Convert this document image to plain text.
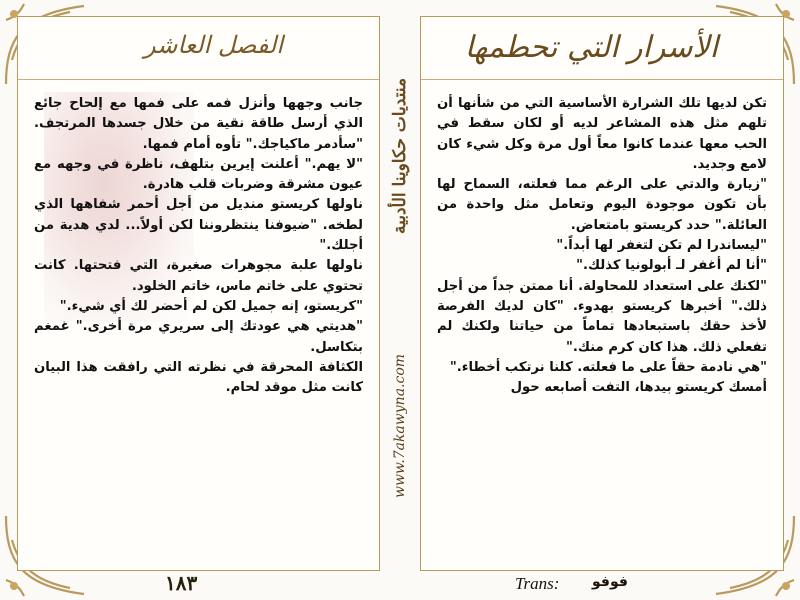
الفصل العاشر

جانب وجهها وأنزل فمه على فمها مع إلحاح جائع الذي أرسل طاقة نقية من خلال جسدها المرتجف. "سأدمر ماكياجك." تأوه أمام فمها.

"لا يهم." أعلنت إيرين بتلهف، ناظرة في وجهه مع عيون مشرقة وضربات قلب هادرة.

ناولها كريستو منديل من أجل أحمر شفاهها الذي لطخه. "ضيوفنا ينتظروننا لكن أولاً... لدي هدية من أجلك."

ناولها علبة مجوهرات صغيرة، التي فتحتها. كانت تحتوي على خاتم ماس، خاتم الخلود.

"كريستو، إنه جميل لكن لم أحضر لك أي شيء."

"هديتي هي عودتك إلى سريري مرة أخرى." غمغم بتكاسل.

الكثافة المحرقة في نظرته التي رافقت هذا البيان كانت مثل موقد لحام.

منتديات حكاوينا الأدبية
www.7akawyna.com
الأسرار التي تحطمها

تكن لديها تلك الشرارة الأساسية التي من شأنها أن تلهم مثل هذه المشاعر لديه أو لكان سقط في الحب معها عندما كانوا معاً أول مرة وكل شيء كان لامع وجديد.

"زيارة والدتي على الرغم مما فعلته، السماح لها بأن تكون موجودة اليوم وتعامل مثل واحدة من العائلة." حدد كريستو بامتعاض.

"ليساندرا لم تكن لتغفر لها أبداً."

"أنا لم أغفر لـ أبولونيا كذلك."

"لكنك على استعداد للمحاولة. أنا ممتن جداً من أجل ذلك." أخبرها كريستو بهدوء. "كان لديك الفرصة لأخذ حقك باستبعادها تماماً من حياتنا ولكنك لم تفعلي ذلك. هذا كان كرم منك."

"هي نادمة حقاً على ما فعلته. كلنا نرتكب أخطاء."

أمسك كريستو بيدها، التفت أصابعه حول

١٨٣	Trans: فوفو
